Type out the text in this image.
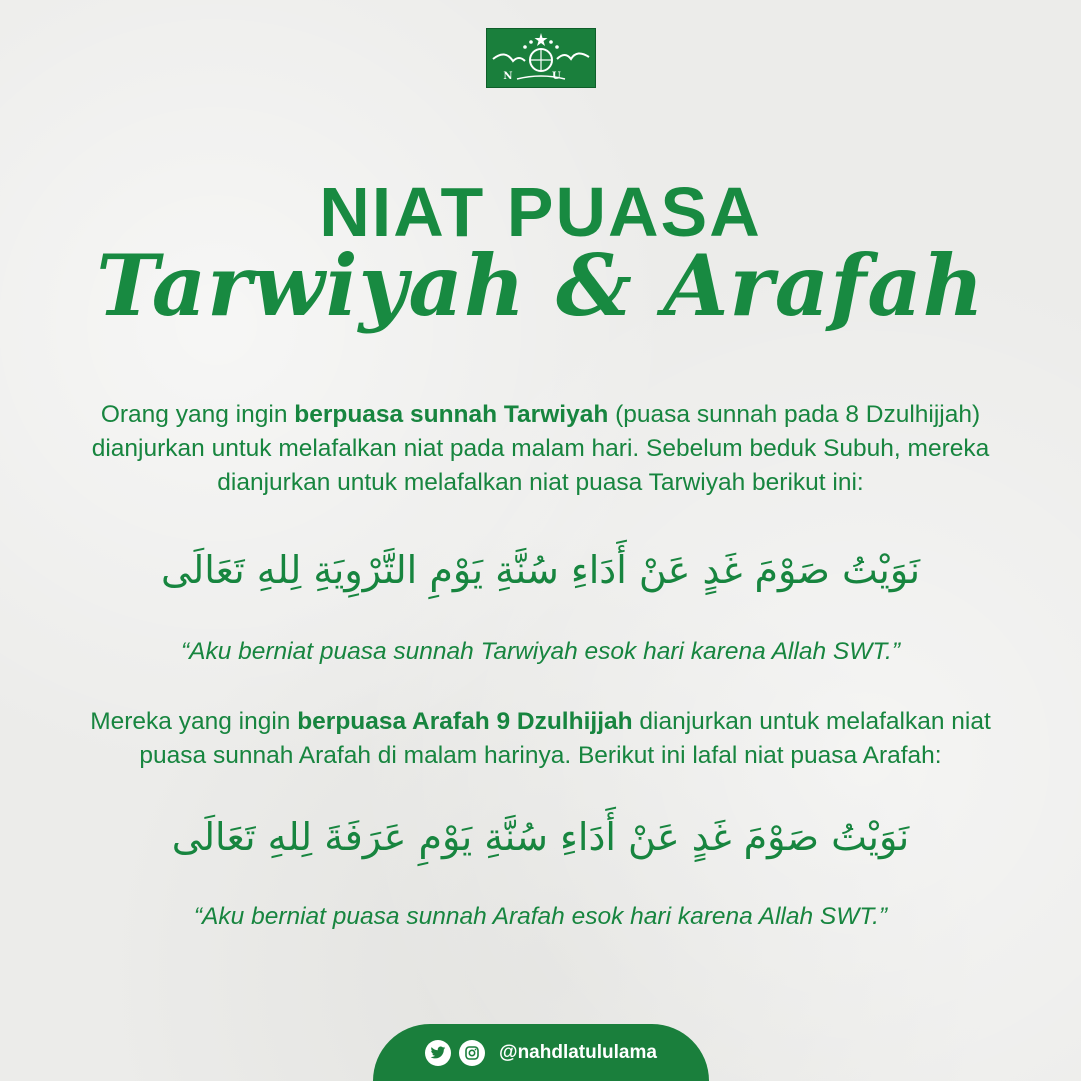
N U
NIAT PUASA
Tarwiyah & Arafah

Orang yang ingin berpuasa sunnah Tarwiyah (puasa sunnah pada 8 Dzulhijjah) dianjurkan untuk melafalkan niat pada malam hari. Sebelum beduk Subuh, mereka dianjurkan untuk melafalkan niat puasa Tarwiyah berikut ini:

نَوَيْتُ صَوْمَ غَدٍ عَنْ أَدَاءِ سُنَّةِ يَوْمِ التَّرْوِيَةِ لِلهِ تَعَالَى

“Aku berniat puasa sunnah Tarwiyah esok hari karena Allah SWT.”

Mereka yang ingin berpuasa Arafah 9 Dzulhijjah dianjurkan untuk melafalkan niat puasa sunnah Arafah di malam harinya. Berikut ini lafal niat puasa Arafah:

نَوَيْتُ صَوْمَ غَدٍ عَنْ أَدَاءِ سُنَّةِ يَوْمِ عَرَفَةَ لِلهِ تَعَالَى

“Aku berniat puasa sunnah Arafah esok hari karena Allah SWT.”

@nahdlatululama
